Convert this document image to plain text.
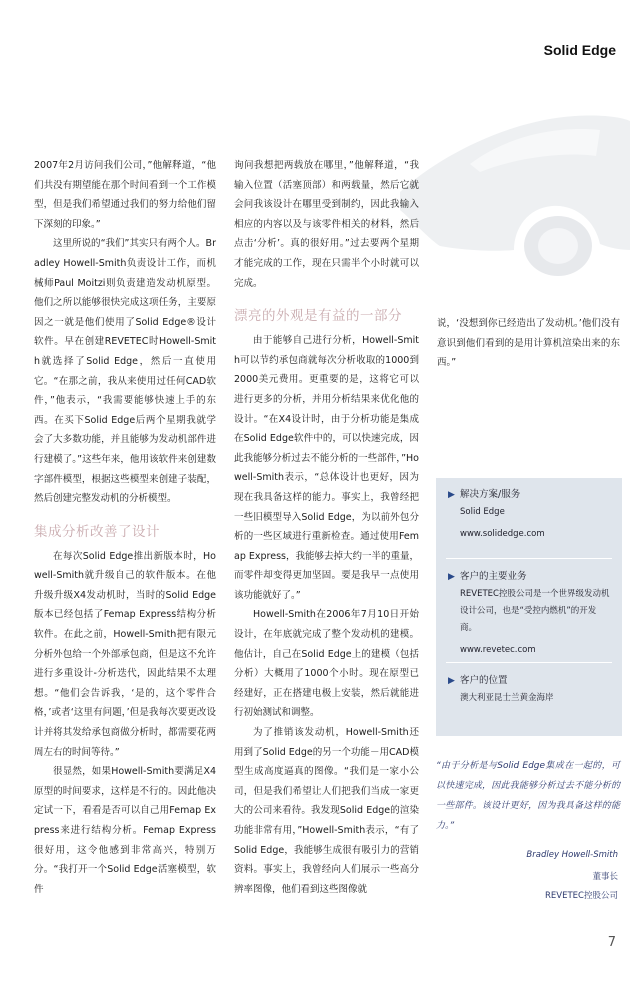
Solid Edge

2007年2月访问我们公司，”他解释道，“他们共没有期望能在那个时间看到一个工作模型，但是我们希望通过我们的努力给他们留下深刻的印象。”

这里所说的“我们”其实只有两个人。Bradley Howell-Smith负责设计工作，而机械师Paul Moitzi则负责建造发动机原型。他们之所以能够很快完成这项任务，主要原因之一就是他们使用了Solid Edge®设计软件。早在创建REVETEC时Howell-Smith就选择了Solid Edge，然后一直使用它。“在那之前，我从来使用过任何CAD软件，”他表示，“我需要能够快速上手的东西。在买下Solid Edge后两个星期我就学会了大多数功能，并且能够为发动机部件进行建模了。”这些年来，他用该软件来创建数字部件模型，根据这些模型来创建子装配，然后创建完整发动机的分析模型。

集成分析改善了设计

在每次Solid Edge推出新版本时，Howell-Smith就升级自己的软件版本。在他升级升级X4发动机时，当时的Solid Edge版本已经包括了Femap Express结构分析软件。在此之前，Howell-Smith把有限元分析外包给一个外部承包商，但是这不允许进行多重设计-分析迭代，因此结果不太理想。“他们会告诉我，‘是的，这个零件合格，’或者‘这里有问题，’但是我每次要更改设计并将其发给承包商做分析时，都需要花两周左右的时间等待。”

很显然，如果Howell-Smith要满足X4原型的时间要求，这样是不行的。因此他决定试一下，看看是否可以自己用Femap Express来进行结构分析。Femap Express很好用，这令他感到非常高兴，特别万分。“我打开一个Solid Edge活塞模型，软件

询问我想把两载放在哪里，”他解释道，“我输入位置（活塞顶部）和两载量，然后它就会问我该设计在哪里受到制约，因此我输入相应的内容以及与该零件相关的材料，然后点击‘分析’。真的很好用。”过去要两个星期才能完成的工作，现在只需半个小时就可以完成。

漂亮的外观是有益的一部分

由于能够自己进行分析，Howell-Smith可以节约承包商就每次分析收取的1000到2000美元费用。更重要的是，这将它可以进行更多的分析，并用分析结果来优化他的设计。“在X4设计时，由于分析功能是集成在Solid Edge软件中的，可以快速完成，因此我能够分析过去不能分析的一些部件，”Howell-Smith表示，“总体设计也更好，因为现在我具备这样的能力。事实上，我曾经把一些旧模型导入Solid Edge，为以前外包分析的一些区域进行重新检查。通过使用Femap Express，我能够去掉大约一半的重量，而零件却变得更加坚固。要是我早一点使用该功能就好了。”

Howell-Smith在2006年7月10日开始设计，在年底就完成了整个发动机的建模。他估计，自己在Solid Edge上的建模（包括分析）大概用了1000个小时。现在原型已经建好，正在搭建电极上安装，然后就能进行初始测试和调整。

为了推销该发动机，Howell-Smith还用到了Solid Edge的另一个功能－用CAD模型生成高度逼真的图像。“我们是一家小公司，但是我们希望让人们把我们当成一家更大的公司来看待。我发现Solid Edge的渲染功能非常有用，”Howell-Smith表示，“有了Solid Edge，我能够生成很有吸引力的营销资料。事实上，我曾经向人们展示一些高分辨率图像，他们看到这些图像就

说，‘没想到你已经造出了发动机。’他们没有意识到他们看到的是用计算机渲染出来的东西。”

▶ 解决方案/服务
Solid Edge
www.solidedge.com
▶ 客户的主要业务
REVETEC控股公司是一个世界级发动机设计公司，也是“受控内燃机”的开发商。
www.revetec.com
▶ 客户的位置
澳大利亚昆士兰黄金海岸
“由于分析是与Solid Edge集成在一起的，可以快速完成，因此我能够分析过去不能分析的一些部件。该设计更好，因为我具备这样的能力。”
Bradley Howell-Smith
董事长
REVETEC控股公司
7
